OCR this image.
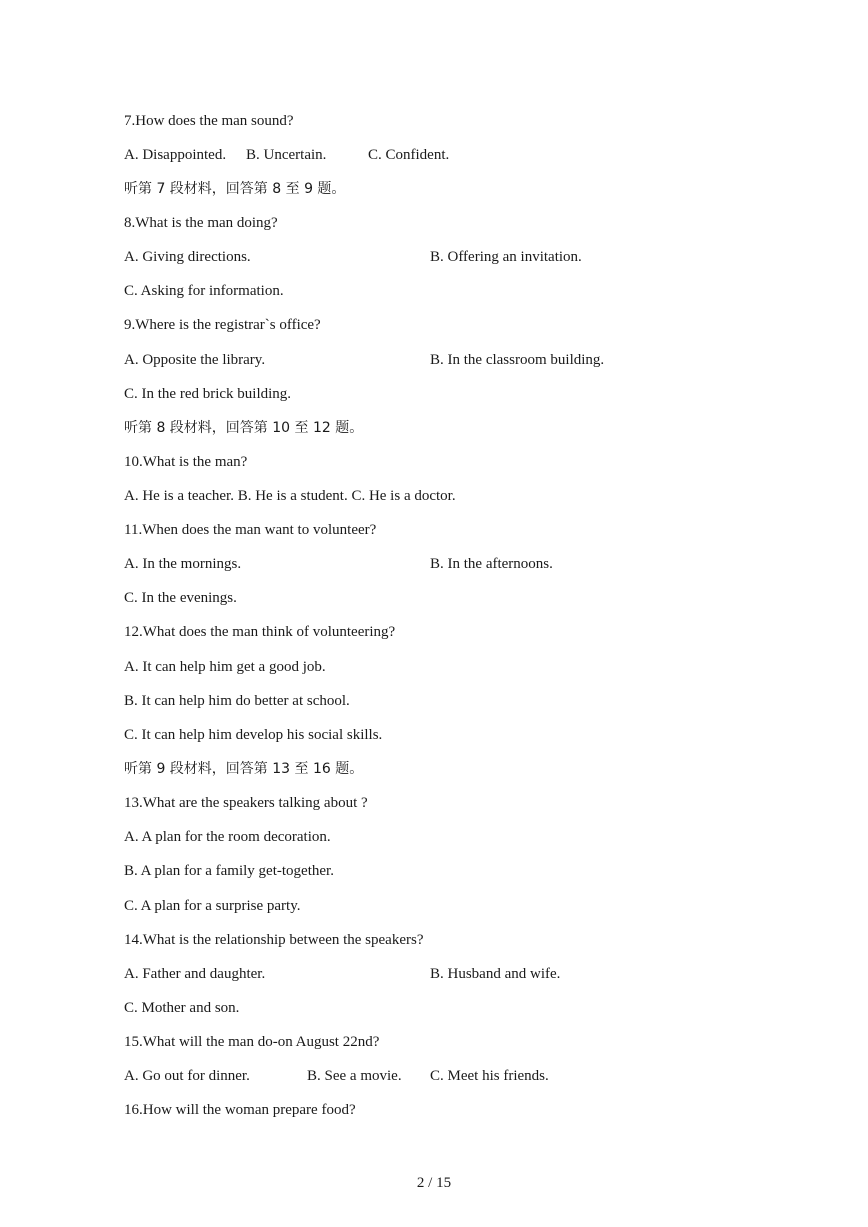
7.How does the man sound?
A. Disappointed. B. Uncertain.	C. Confident.
听第 7 段材料，回答第 8 至 9 题。
8.What is the man doing?
A. Giving directions.	B. Offering an invitation.
C. Asking for information.
9.Where is the registrar`s office?
A. Opposite the library.	B. In the classroom building.
C. In the red brick building.
听第 8 段材料，回答第 10 至 12 题。
10.What is the man?
A. He is a teacher. B. He is a student. C. He is a doctor.
11.When does the man want to volunteer?
A. In the mornings.	B. In the afternoons.
C. In the evenings.
12.What does the man think of volunteering?
A. It can help him get a good job.
B. It can help him do better at school.
C. It can help him develop his social skills.
听第 9 段材料，回答第 13 至 16 题。
13.What are the speakers talking about ?
A. A plan for the room decoration.
B. A plan for a family get-together.
C. A plan for a surprise party.
14.What is the relationship between the speakers?
A. Father and daughter.	B. Husband and wife.
C. Mother and son.
15.What will the man do-on August 22nd?
A. Go out for dinner.	B. See a movie. C. Meet his friends.
16.How will the woman prepare food?
2 / 15
